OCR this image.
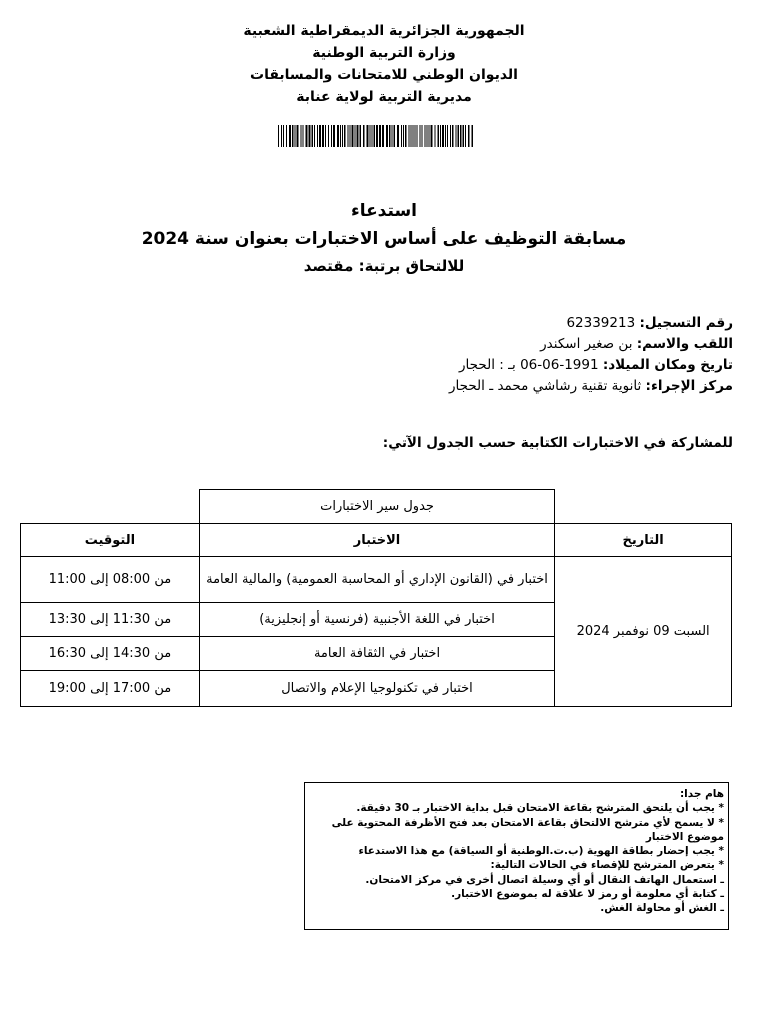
الجمهورية الجزائرية الديمقراطية الشعبية
وزارة التربية الوطنية
الديوان الوطني للامتحانات والمسابقات
مديرية التربية لولاية عنابة
استدعاء
مسابقة التوظيف على أساس الاختبارات بعنوان سنة 2024
للالتحاق برتبة: مقتصد
رقم التسجيل: 62339213
اللقب والاسم: بن صغير اسكندر
تاريخ ومكان الميلاد: 1991-06-06 بـ : الحجار
مركز الإجراء: ثانوية تقنية رشاشي محمد ـ الحجار
للمشاركة في الاختبارات الكتابية حسب الجدول الآتي:
	جدول سير الاختبارات	
التاريخ	الاختبار	التوقيت
السبت 09 نوفمبر 2024	اختبار في (القانون الإداري أو المحاسبة العمومية) والمالية العامة	من 08:00 إلى 11:00
	اختبار في اللغة الأجنبية (فرنسية أو إنجليزية)	من 11:30 إلى 13:30
	اختبار في الثقافة العامة	من 14:30 إلى 16:30
	اختبار في تكنولوجيا الإعلام والاتصال	من 17:00 إلى 19:00
هام جدا:
* يجب أن يلتحق المترشح بقاعة الامتحان قبل بداية الاختبار بـ 30 دقيقة.
* لا يسمح لأي مترشح الالتحاق بقاعة الامتحان بعد فتح الأظرفة المحتوية على موضوع الاختبار
* يجب إحضار بطاقة الهوية (ب.ت.الوطنية أو السياقة) مع هذا الاستدعاء
* يتعرض المترشح للإقصاء في الحالات التالية:
ـ استعمال الهاتف النقال أو أي وسيلة اتصال أخرى في مركز الامتحان.
ـ كتابة أي معلومة أو رمز لا علاقة له بموضوع الاختبار.
ـ الغش أو محاولة الغش.
